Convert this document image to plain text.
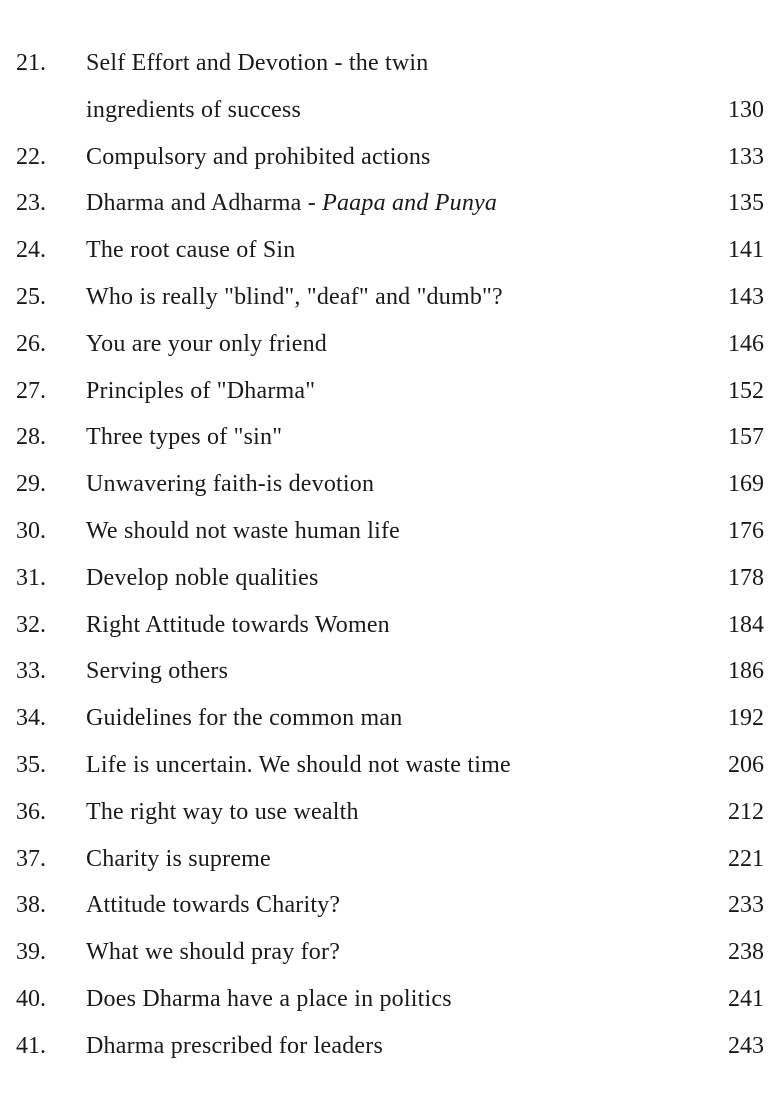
21. Self Effort and Devotion - the twin
ingredients of success	130
22. Compulsory and prohibited actions	133
23. Dharma and Adharma - Paapa and Punya	135
24. The root cause of Sin	141
25. Who is really "blind", "deaf" and "dumb"?	143
26. You are your only friend	146
27. Principles of "Dharma"	152
28. Three types of "sin"	157
29. Unwavering faith-is devotion	169
30. We should not waste human life	176
31. Develop noble qualities	178
32. Right Attitude towards Women	184
33. Serving others	186
34. Guidelines for the common man	192
35. Life is uncertain. We should not waste time	206
36. The right way to use wealth	212
37. Charity is supreme	221
38. Attitude towards Charity?	233
39. What we should pray for?	238
40. Does Dharma have a place in politics	241
41. Dharma prescribed for leaders	243
